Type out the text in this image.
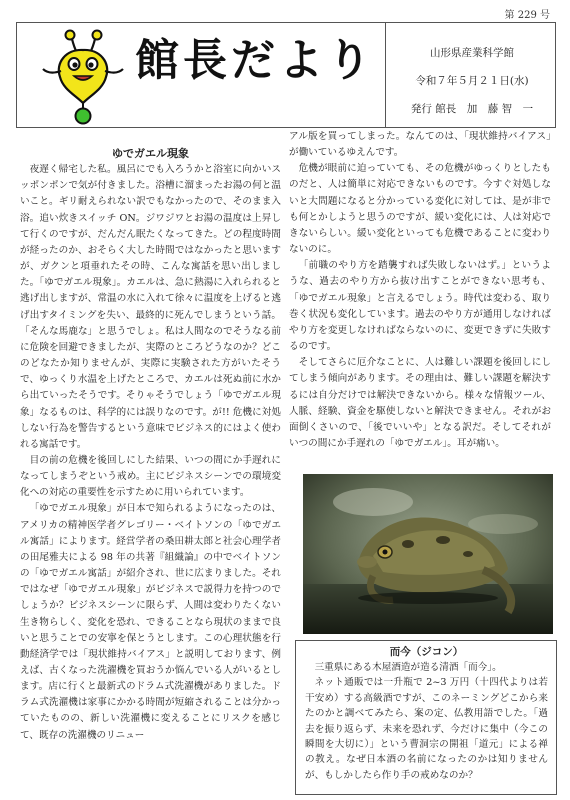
第 229 号
館長だより	山形県産業科学館
令和７年５月２１日(水)
発行 館長　加　藤 智　一

ゆでガエル現象

夜遅く帰宅した私。風呂にでも入ろうかと浴室に向かいスッポンポンで気が付きました。浴槽に溜まったお湯の何と温いこと。ギリ耐えられない訳でもなかったので、そのまま入浴。追い炊きスイッチ ON。ジワジワとお湯の温度は上昇して行くのですが、だんだん眠たくなってきた。どの程度時間が経ったのか、おそらく大した時間ではなかったと思いますが、ガクンと項垂れたその時、こんな寓話を思い出しました。「ゆでガエル現象」。カエルは、急に熱湯に入れられると逃げ出しますが、常温の水に入れて徐々に温度を上げると逃げ出すタイミングを失い、最終的に死んでしまうという話。「そんな馬鹿な」と思うでしょ。私は人間なのでそうなる前に危険を回避できましたが、実際のところどうなのか？どこのどなたか知りませんが、実際に実験された方がいたそうで、ゆっくり水温を上げたところで、カエルは死ぬ前に水から出ていったそうです。そりゃそうでしょう「ゆでガエル現象」なるものは、科学的には誤りなのです。が!! 危機に対処しない行為を警告するという意味でビジネス的にはよく使われる寓話です。

目の前の危機を後回しにした結果、いつの間にか手遅れになってしまうぞという戒め。主にビジネスシーンでの環境変化への対応の重要性を示すために用いられています。

「ゆでガエル現象」が日本で知られるようになったのは、アメリカの精神医学者グレゴリー・ベイトソンの「ゆでガエル寓話」によります。経営学者の桑田耕太郎と社会心理学者の田尾雅夫による 98 年の共著『組織論』の中でベイトソンの「ゆでガエル寓話」が紹介され、世に広まりました。それではなぜ「ゆでガエル現象」がビジネスで説得力を持つのでしょうか？ビジネスシーンに限らず、人間は変わりたくない生き物らしく、変化を恐れ、できることなら現状のままで良いと思うことでの安寧を保とうとします。この心理状態を行動経済学では「現状維持バイアス」と説明しております、例えば、古くなった洗濯機を買おうか悩んでいる人がいるとします。店に行くと最新式のドラム式洗濯機がありました。ドラム式洗濯機は家事にかかる時間が短縮されることは分かっていたものの、新しい洗濯機に変えることにリスクを感じて、既存の洗濯機のリニュー

アル版を買ってしまった。なんてのは、「現状維持バイアス」が働いているゆえんです。

危機が眼前に迫っていても、その危機がゆっくりとしたものだと、人は簡単に対応できないものです。今すぐ対処しないと大問題になると分かっている変化に対しては、是が非でも何とかしようと思うのですが、緩い変化には、人は対応できないらしい。緩い変化といっても危機であることに変わりないのに。

「前職のやり方を踏襲すれば失敗しないはず。」というような、過去のやり方から抜け出すことができない思考も、「ゆでガエル現象」と言えるでしょう。時代は変わる、取り巻く状況も変化しています。過去のやり方が通用しなければやり方を変更しなければならないのに、変更できずに失敗するのです。

そしてさらに厄介なことに、人は難しい課題を後回しにしてしまう傾向があります。その理由は、難しい課題を解決するには自分だけでは解決できないから。様々な情報ツール、人脈、経験、資金を駆使しないと解決できません。それがお面倒くさいので、「後でいいや」となる訳だ。そしてそれがいつの間にか手遅れの「ゆでガエル」。耳が痛い。

而今（ジコン）

三重県にある木屋酒造が造る清酒「而今」。

ネット通販では一升瓶で 2~3 万円（十四代よりは若干安め）する高級酒ですが、このネーミングどこから来たのかと調べてみたら、案の定、仏教用語でした。「過去を振り返らず、未来を恐れず、今だけに集中（今この瞬間を大切に）」という曹洞宗の開祖「道元」による禅の教え。なぜ日本酒の名前になったのかは知りませんが、もしかしたら作り手の戒めなのか？
